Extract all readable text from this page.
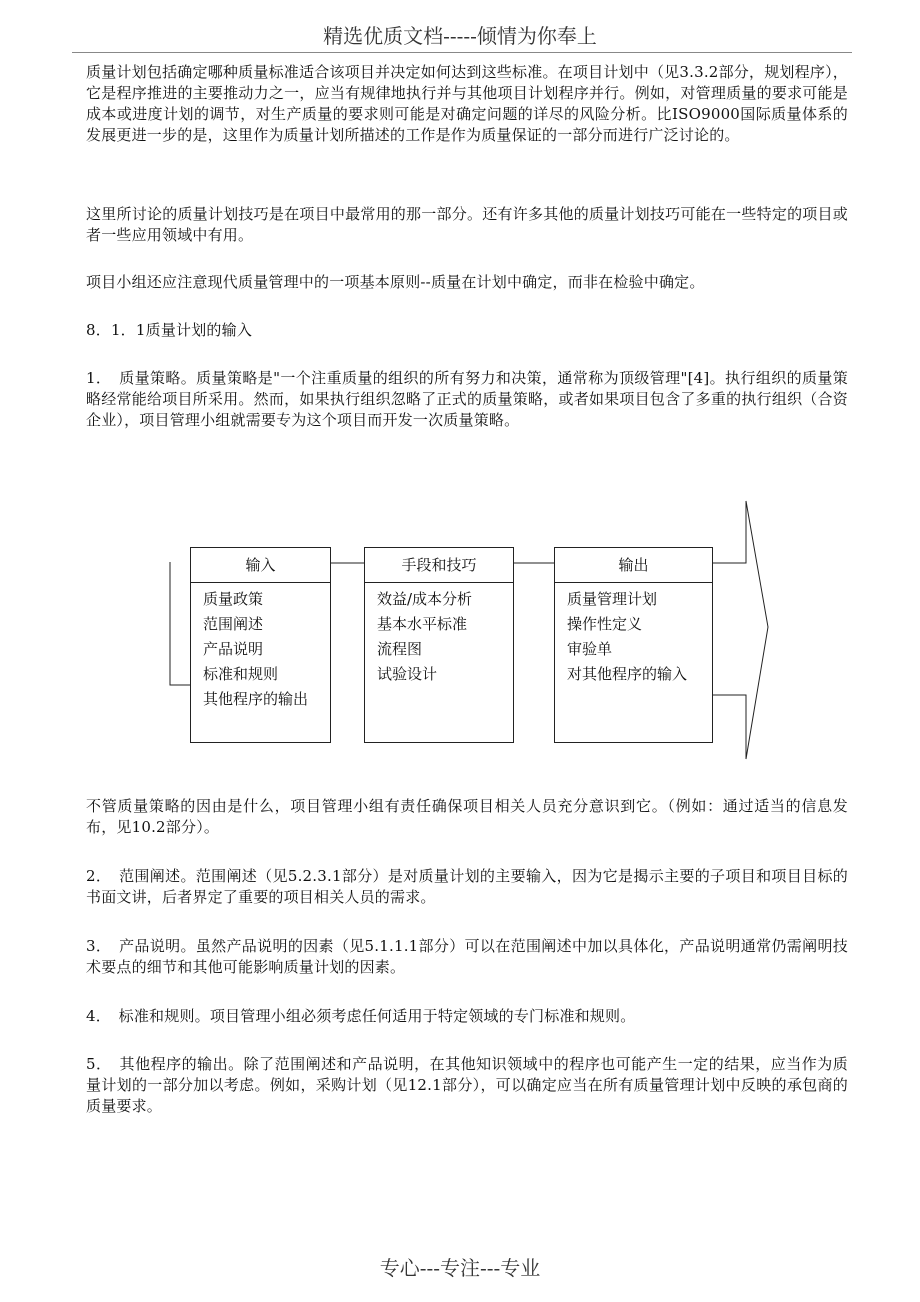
精选优质文档-----倾情为你奉上

质量计划包括确定哪种质量标准适合该项目并决定如何达到这些标准。在项目计划中（见3.3.2部分，规划程序），它是程序推进的主要推动力之一，应当有规律地执行并与其他项目计划程序并行。例如，对管理质量的要求可能是成本或进度计划的调节，对生产质量的要求则可能是对确定问题的详尽的风险分析。比ISO9000国际质量体系的发展更进一步的是，这里作为质量计划所描述的工作是作为质量保证的一部分而进行广泛讨论的。

这里所讨论的质量计划技巧是在项目中最常用的那一部分。还有许多其他的质量计划技巧可能在一些特定的项目或者一些应用领域中有用。

项目小组还应注意现代质量管理中的一项基本原则--质量在计划中确定，而非在检验中确定。

8．1．1质量计划的输入

1．　质量策略。质量策略是"一个注重质量的组织的所有努力和决策，通常称为顶级管理"[4]。执行组织的质量策略经常能给项目所采用。然而，如果执行组织忽略了正式的质量策略，或者如果项目包含了多重的执行组织（合资企业），项目管理小组就需要专为这个项目而开发一次质量策略。

输入
质量政策
范围阐述
产品说明
标准和规则
其他程序的输出
手段和技巧
效益/成本分析
基本水平标准
流程图
试验设计
输出
质量管理计划
操作性定义
审验单
对其他程序的输入

不管质量策略的因由是什么，项目管理小组有责任确保项目相关人员充分意识到它。（例如：通过适当的信息发布，见10.2部分）。

2．　范围阐述。范围阐述（见5.2.3.1部分）是对质量计划的主要输入，因为它是揭示主要的子项目和项目目标的书面文讲，后者界定了重要的项目相关人员的需求。

3．　产品说明。虽然产品说明的因素（见5.1.1.1部分）可以在范围阐述中加以具体化，产品说明通常仍需阐明技术要点的细节和其他可能影响质量计划的因素。

4．　标准和规则。项目管理小组必须考虑任何适用于特定领域的专门标准和规则。

5．　其他程序的输出。除了范围阐述和产品说明，在其他知识领域中的程序也可能产生一定的结果，应当作为质量计划的一部分加以考虑。例如，采购计划（见12.1部分），可以确定应当在所有质量管理计划中反映的承包商的质量要求。

专心---专注---专业
